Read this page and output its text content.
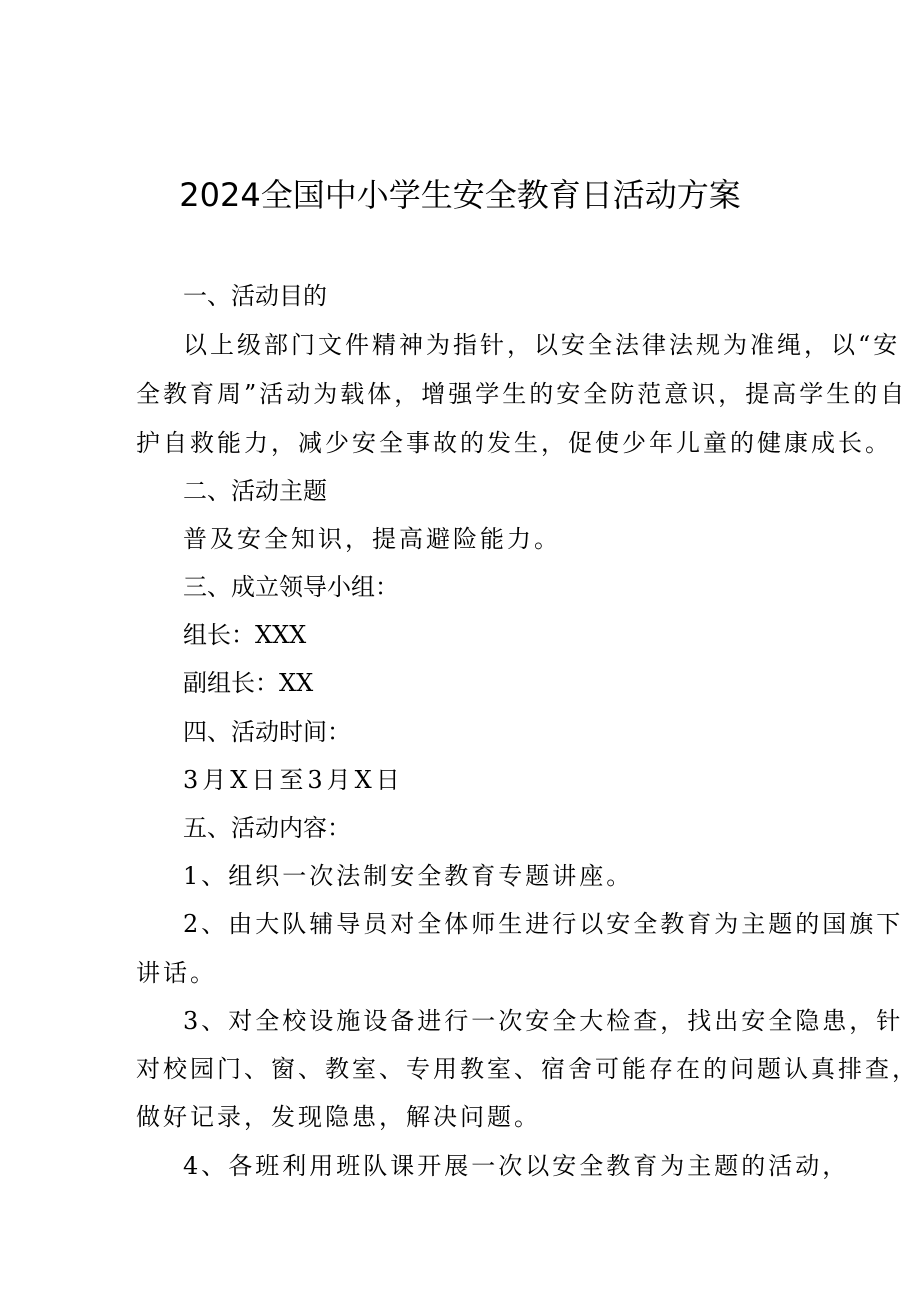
2024全国中小学生安全教育日活动方案
一、活动目的
以上级部门文件精神为指针，以安全法律法规为准绳，以“安
全教育周”活动为载体，增强学生的安全防范意识，提高学生的自
护自救能力，减少安全事故的发生，促使少年儿童的健康成长。
二、活动主题
普及安全知识，提高避险能力。
三、成立领导小组：
组长：XXX
副组长：XX
四、活动时间：
3月X日至3月X日
五、活动内容：
1、组织一次法制安全教育专题讲座。
2、由大队辅导员对全体师生进行以安全教育为主题的国旗下
讲话。
3、对全校设施设备进行一次安全大检查，找出安全隐患，针
对校园门、窗、教室、专用教室、宿舍可能存在的问题认真排查，
做好记录，发现隐患，解决问题。
4、各班利用班队课开展一次以安全教育为主题的活动，
